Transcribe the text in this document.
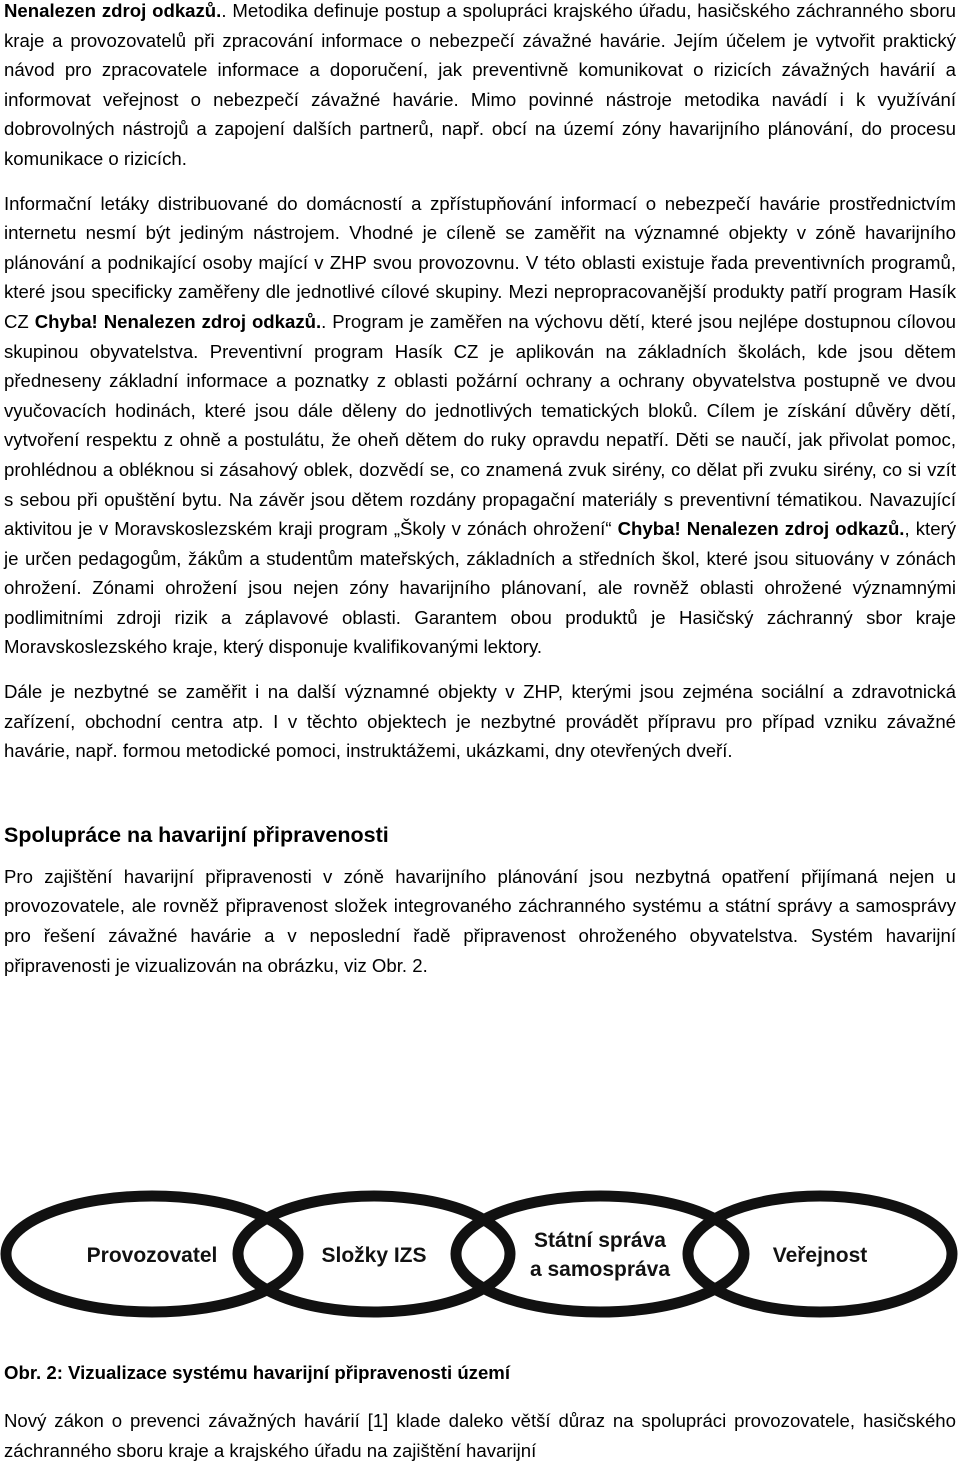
Nenalezen zdroj odkazů.. Metodika definuje postup a spolupráci krajského úřadu, hasičského záchranného sboru kraje a provozovatelů při zpracování informace o nebezpečí závažné havárie. Jejím účelem je vytvořit praktický návod pro zpracovatele informace a doporučení, jak preventivně komunikovat o rizicích závažných havárií a informovat veřejnost o nebezpečí závažné havárie. Mimo povinné nástroje metodika navádí i k využívání dobrovolných nástrojů a zapojení dalších partnerů, např. obcí na území zóny havarijního plánování, do procesu komunikace o rizicích.

Informační letáky distribuované do domácností a zpřístupňování informací o nebezpečí havárie prostřednictvím internetu nesmí být jediným nástrojem. Vhodné je cíleně se zaměřit na významné objekty v zóně havarijního plánování a podnikající osoby mající v ZHP svou provozovnu. V této oblasti existuje řada preventivních programů, které jsou specificky zaměřeny dle jednotlivé cílové skupiny. Mezi nepropracovanější produkty patří program Hasík CZ Chyba! Nenalezen zdroj odkazů.. Program je zaměřen na výchovu dětí, které jsou nejlépe dostupnou cílovou skupinou obyvatelstva. Preventivní program Hasík CZ je aplikován na základních školách, kde jsou dětem předneseny základní informace a poznatky z oblasti požární ochrany a ochrany obyvatelstva postupně ve dvou vyučovacích hodinách, které jsou dále děleny do jednotlivých tematických bloků. Cílem je získání důvěry dětí, vytvoření respektu z ohně a postulátu, že oheň dětem do ruky opravdu nepatří. Děti se naučí, jak přivolat pomoc, prohlédnou a obléknou si zásahový oblek, dozvědí se, co znamená zvuk sirény, co dělat při zvuku sirény, co si vzít s sebou při opuštění bytu. Na závěr jsou dětem rozdány propagační materiály s preventivní tématikou. Navazující aktivitou je v Moravskoslezském kraji program „Školy v zónách ohrožení“ Chyba! Nenalezen zdroj odkazů., který je určen pedagogům, žákům a studentům mateřských, základních a středních škol, které jsou situovány v zónách ohrožení. Zónami ohrožení jsou nejen zóny havarijního plánovaní, ale rovněž oblasti ohrožené významnými podlimitními zdroji rizik a záplavové oblasti. Garantem obou produktů je Hasičský záchranný sbor kraje Moravskoslezského kraje, který disponuje kvalifikovanými lektory.

Dále je nezbytné se zaměřit i na další významné objekty v ZHP, kterými jsou zejména sociální a zdravotnická zařízení, obchodní centra atp. I v těchto objektech je nezbytné provádět přípravu pro případ vzniku závažné havárie, např. formou metodické pomoci, instruktážemi, ukázkami, dny otevřených dveří.

Spolupráce na havarijní připravenosti

Pro zajištění havarijní připravenosti v zóně havarijního plánování jsou nezbytná opatření přijímaná nejen u provozovatele, ale rovněž připravenost složek integrovaného záchranného systému a státní správy a samosprávy pro řešení závažné havárie a v neposlední řadě připravenost ohroženého obyvatelstva. Systém havarijní připravenosti je vizualizován na obrázku, viz Obr. 2.

Provozovatel	Složky IZS
Státní správa
a samospráva
Veřejnost
Obr. 2: Vizualizace systému havarijní připravenosti území

Nový zákon o prevenci závažných havárií [1] klade daleko větší důraz na spolupráci provozovatele, hasičského záchranného sboru kraje a krajského úřadu na zajištění havarijní
